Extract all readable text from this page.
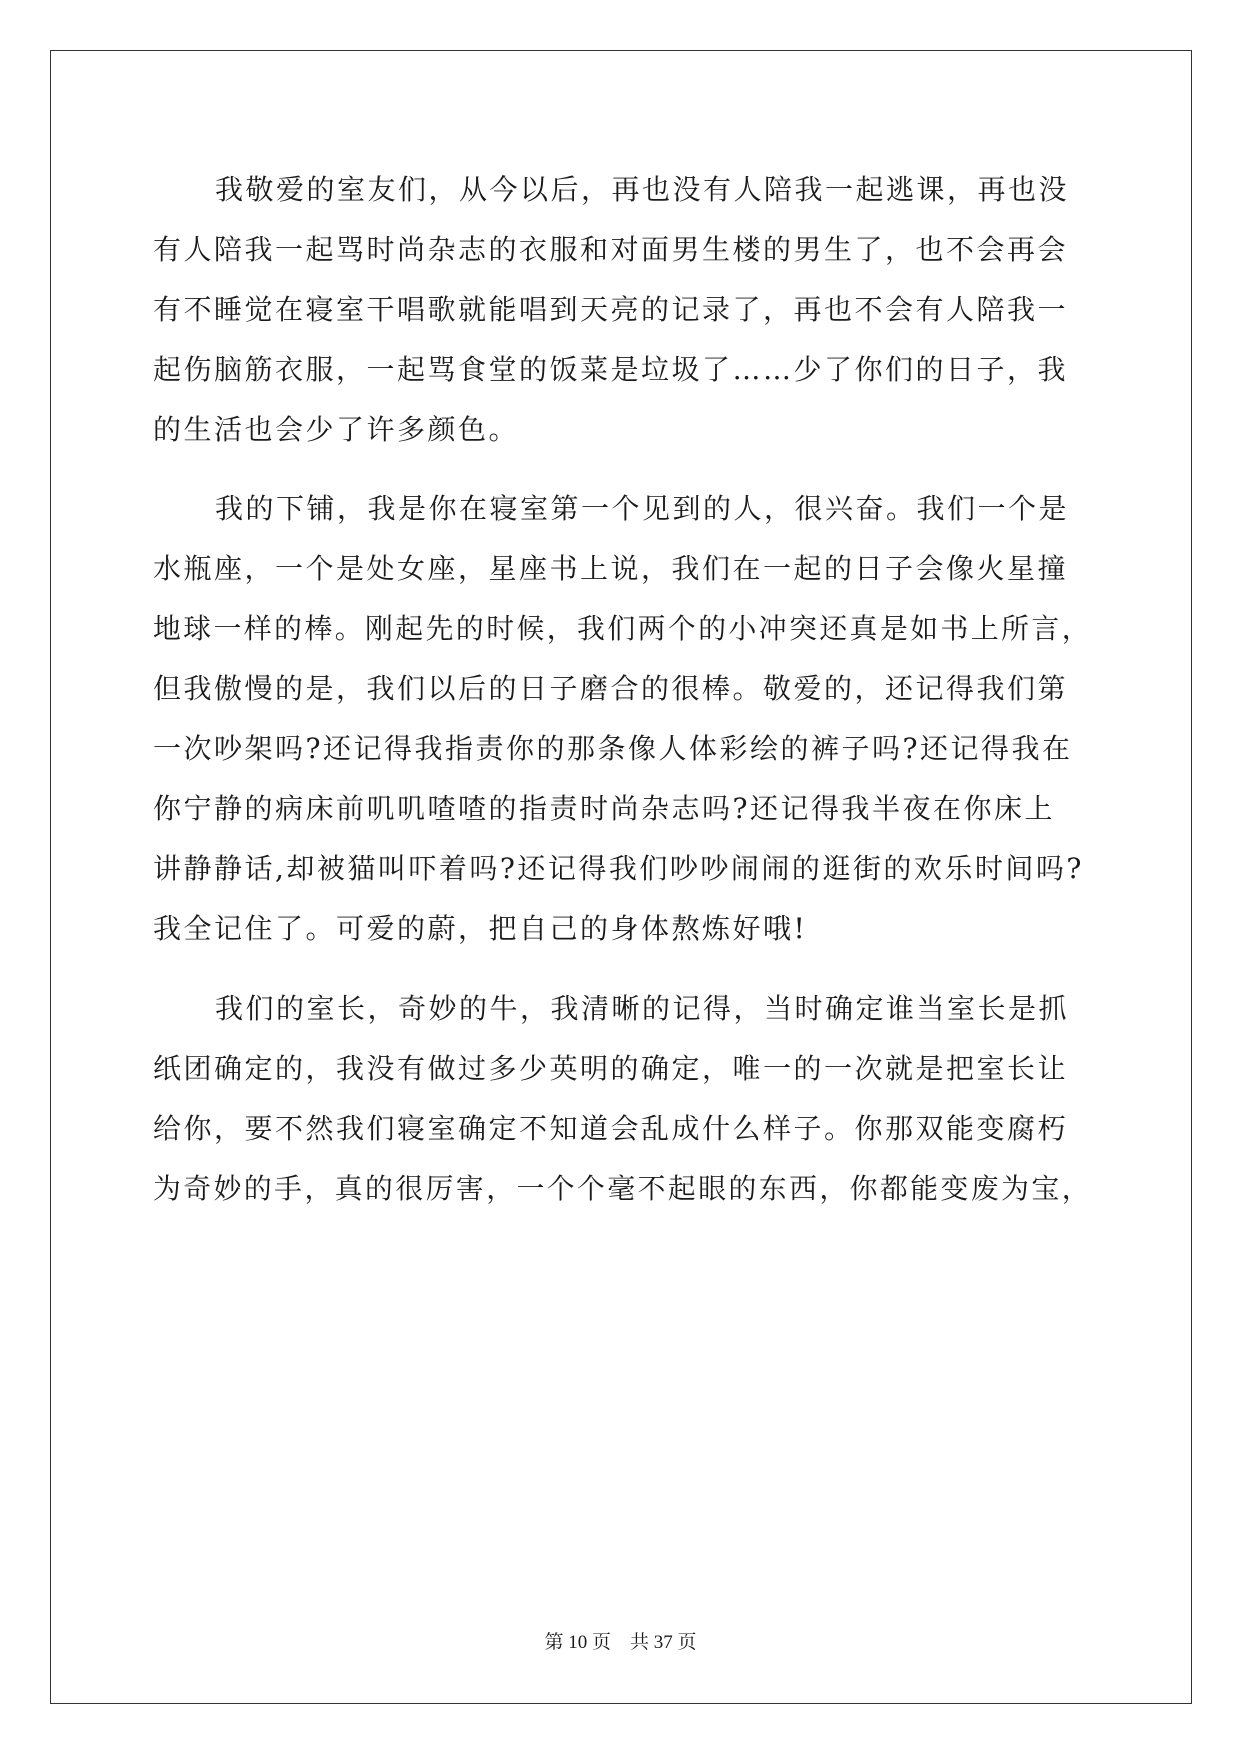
我敬爱的室友们，从今以后，再也没有人陪我一起逃课，再也没
有人陪我一起骂时尚杂志的衣服和对面男生楼的男生了，也不会再会
有不睡觉在寝室干唱歌就能唱到天亮的记录了，再也不会有人陪我一
起伤脑筋衣服，一起骂食堂的饭菜是垃圾了……少了你们的日子，我
的生活也会少了许多颜色。
我的下铺，我是你在寝室第一个见到的人，很兴奋。我们一个是
水瓶座，一个是处女座，星座书上说，我们在一起的日子会像火星撞
地球一样的棒。刚起先的时候，我们两个的小冲突还真是如书上所言，
但我傲慢的是，我们以后的日子磨合的很棒。敬爱的，还记得我们第
一次吵架吗?还记得我指责你的那条像人体彩绘的裤子吗?还记得我在
你宁静的病床前叽叽喳喳的指责时尚杂志吗?还记得我半夜在你床上
讲静静话,却被猫叫吓着吗?还记得我们吵吵闹闹的逛街的欢乐时间吗?
我全记住了。可爱的蔚，把自己的身体熬炼好哦!
我们的室长，奇妙的牛，我清晰的记得，当时确定谁当室长是抓
纸团确定的，我没有做过多少英明的确定，唯一的一次就是把室长让
给你，要不然我们寝室确定不知道会乱成什么样子。你那双能变腐朽
为奇妙的手，真的很厉害，一个个毫不起眼的东西，你都能变废为宝，
第 10 页    共 37 页
